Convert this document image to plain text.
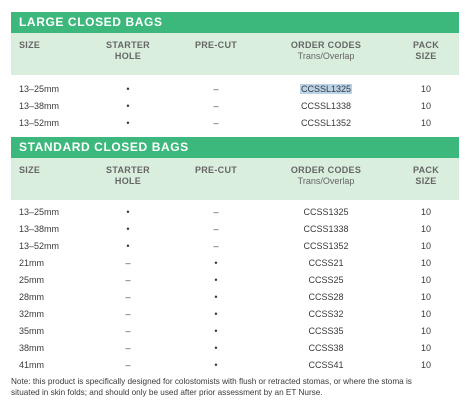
LARGE CLOSED BAGS
SIZE	STARTER
HOLE
PRE-CUT	ORDER CODES
Trans/Overlap
PACK
SIZE
13–25mm	•	–	CCSSL1325	10
13–38mm	•	–	CCSSL1338	10
13–52mm	•	–	CCSSL1352	10
STANDARD CLOSED BAGS
SIZE	STARTER
HOLE
PRE-CUT	ORDER CODES
Trans/Overlap
PACK
SIZE
13–25mm	•	–	CCSS1325	10
13–38mm	•	–	CCSS1338	10
13–52mm	•	–	CCSS1352	10
21mm	–	•	CCSS21	10
25mm	–	•	CCSS25	10
28mm	–	•	CCSS28	10
32mm	–	•	CCSS32	10
35mm	–	•	CCSS35	10
38mm	–	•	CCSS38	10
41mm	–	•	CCSS41	10
Note: this product is specifically designed for colostomists with flush or retracted stomas, or where the stoma is
situated in skin folds; and should only be used after prior assessment by an ET Nurse.
